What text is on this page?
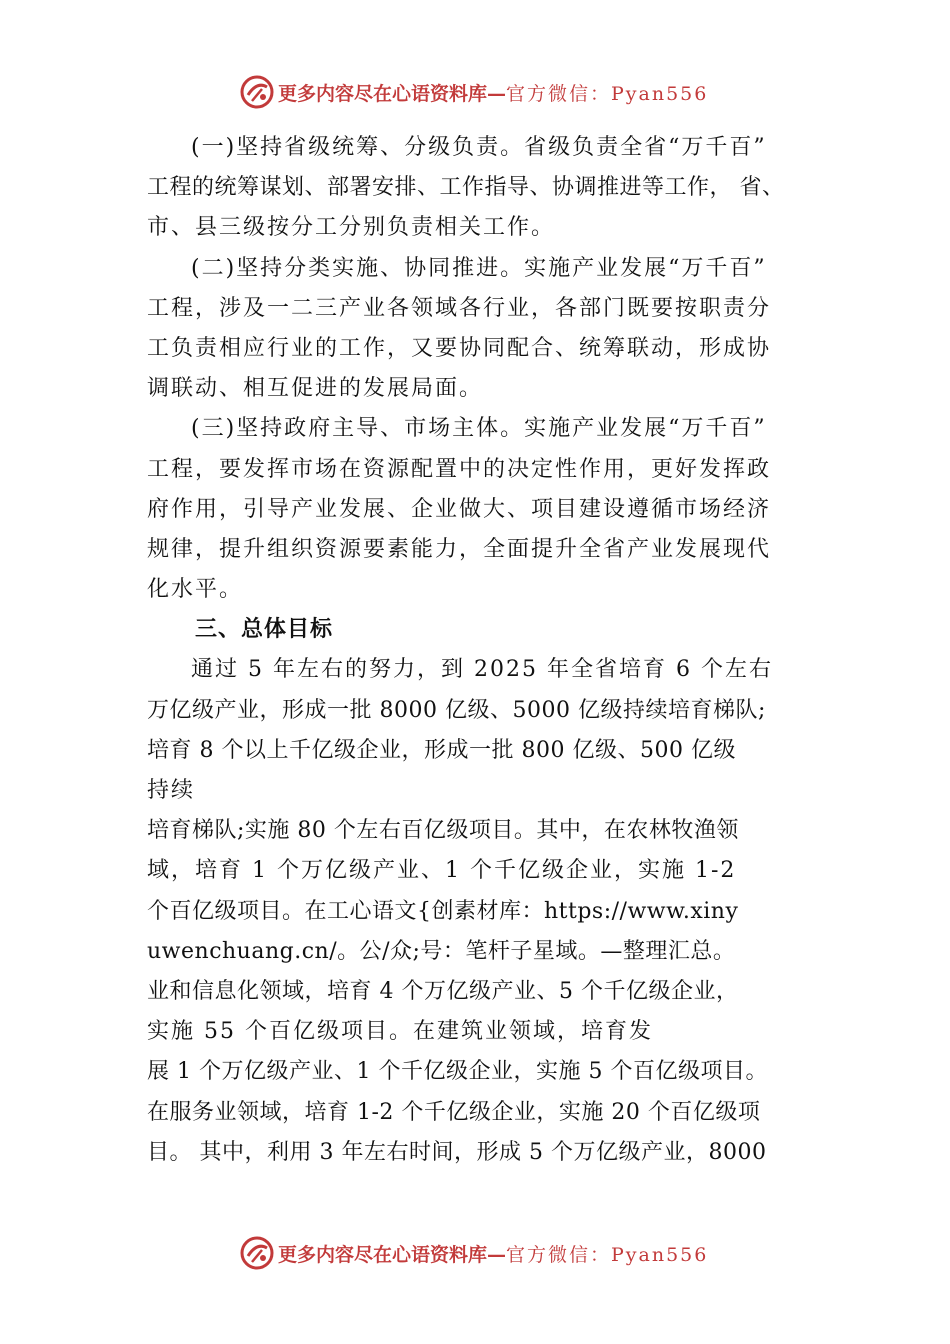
更多内容尽在心语资料库—官方微信：Pyan556
(一)坚持省级统筹、分级负责。省级负责全省“万千百”
工程的统筹谋划、部署安排、工作指导、协调推进等工作， 省、
市、县三级按分工分别负责相关工作。
(二)坚持分类实施、协同推进。实施产业发展“万千百”
工程，涉及一二三产业各领域各行业，各部门既要按职责分
工负责相应行业的工作，又要协同配合、统筹联动，形成协
调联动、相互促进的发展局面。
(三)坚持政府主导、市场主体。实施产业发展“万千百”
工程，要发挥市场在资源配置中的决定性作用，更好发挥政
府作用，引导产业发展、企业做大、项目建设遵循市场经济
规律，提升组织资源要素能力，全面提升全省产业发展现代
化水平。
三、总体目标
通过 5 年左右的努力，到 2025 年全省培育 6 个左右
万亿级产业，形成一批 8000 亿级、5000 亿级持续培育梯队;
培育 8 个以上千亿级企业，形成一批 800 亿级、500 亿级
持续
培育梯队;实施 80 个左右百亿级项目。其中，在农林牧渔领
域，培育 1 个万亿级产业、1 个千亿级企业，实施 1-2
个百亿级项目。在工心语文{创素材库：https://www.xiny
uwenchuang.cn/。公/众;号：笔杆子星域。—整理汇总。
业和信息化领域，培育 4 个万亿级产业、5 个千亿级企业，
实施 55 个百亿级项目。在建筑业领域，培育发
展 1 个万亿级产业、1 个千亿级企业，实施 5 个百亿级项目。
在服务业领域，培育 1-2 个千亿级企业，实施 20 个百亿级项
目。 其中，利用 3 年左右时间，形成 5 个万亿级产业，8000
更多内容尽在心语资料库—官方微信：Pyan556
